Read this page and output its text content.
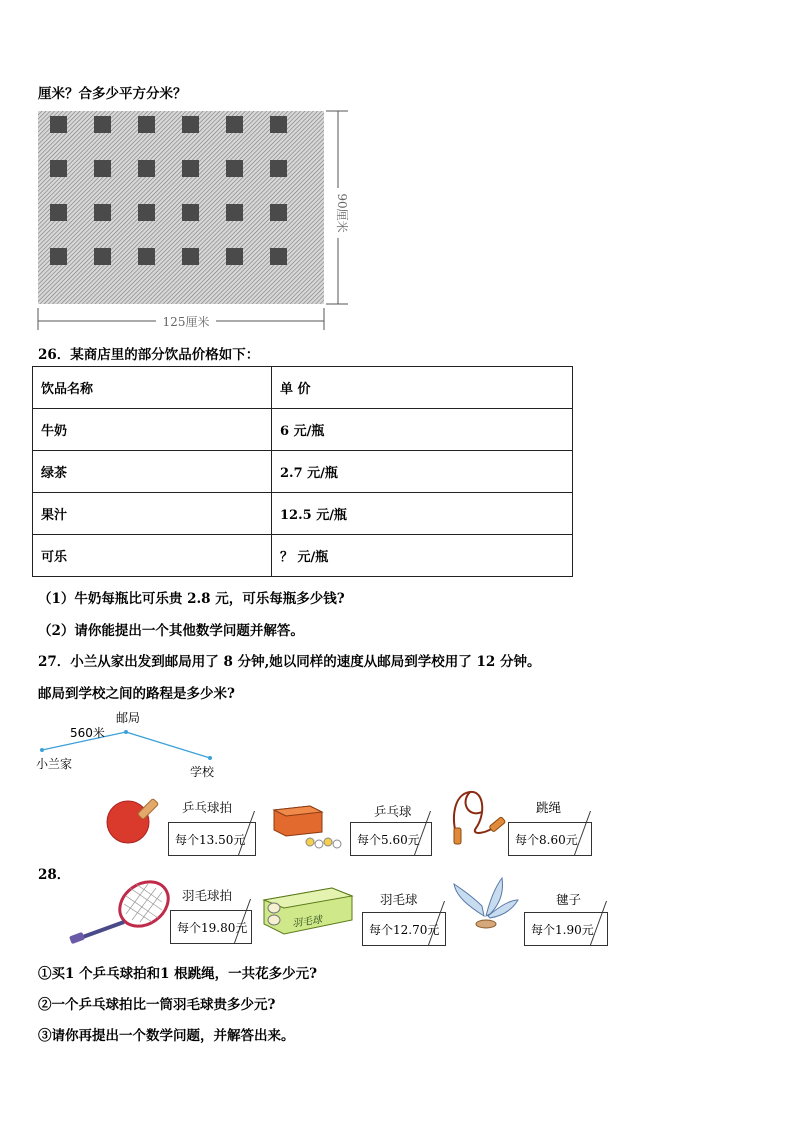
厘米？合多少平方分米？
90厘米
125厘米
26．某商店里的部分饮品价格如下：
饮品名称	单 价
牛奶	6 元/瓶
绿茶	2.7 元/瓶
果汁	12.5 元/瓶
可乐	？ 元/瓶
（1）牛奶每瓶比可乐贵 2.8 元，可乐每瓶多少钱?
（2）请你能提出一个其他数学问题并解答。
27．小兰从家出发到邮局用了 8 分钟,她以同样的速度从邮局到学校用了 12 分钟。
邮局到学校之间的路程是多少米?
邮局
560米
小兰家
学校
乒乓球拍
每个13.50元
乒乓球
每个5.60元
跳绳
每个8.60元
28．
羽毛球拍
每个19.80元	羽毛球
羽毛球
每个12.70元
毽子
每个1.90元
①买1 个乒乓球拍和1 根跳绳，一共花多少元?
②一个乒乓球拍比一筒羽毛球贵多少元?
③请你再提出一个数学问题，并解答出来。
